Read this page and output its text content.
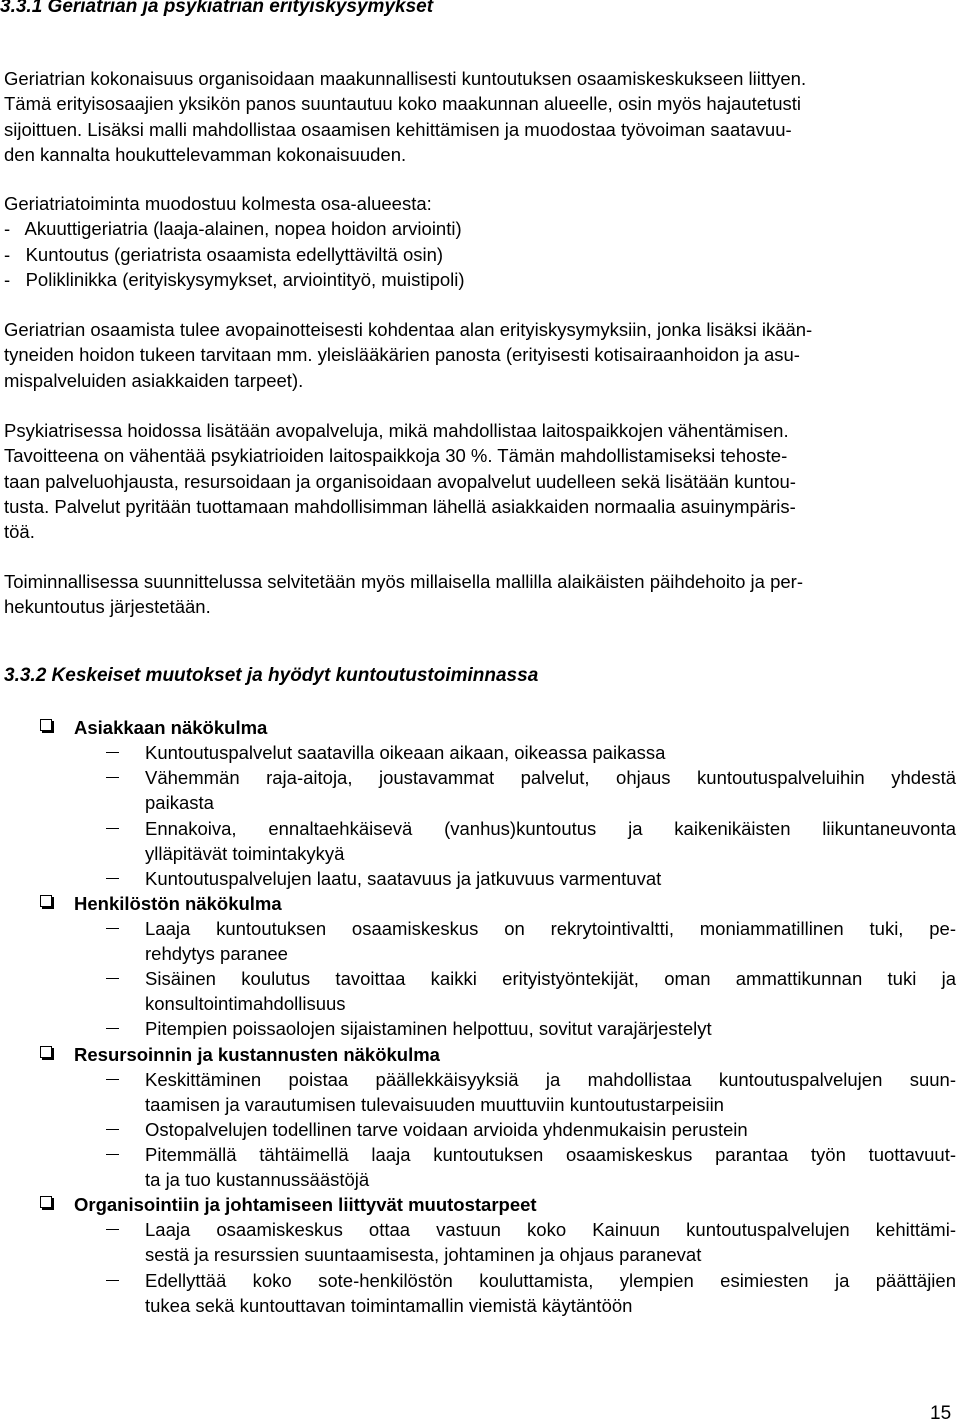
3.3.1 Geriatrian ja psykiatrian erityiskysymykset
Geriatrian kokonaisuus organisoidaan maakunnallisesti kuntoutuksen osaamiskeskukseen liittyen.
Tämä erityisosaajien yksikön panos suuntautuu koko maakunnan alueelle, osin myös hajautetusti
sijoittuen. Lisäksi malli mahdollistaa osaamisen kehittämisen ja muodostaa työvoiman saatavuu-
den kannalta houkuttelevamman kokonaisuuden.
Geriatriatoiminta muodostuu kolmesta osa-alueesta:
-   Akuuttigeriatria (laaja-alainen, nopea hoidon arviointi)
-   Kuntoutus (geriatrista osaamista edellyttäviltä osin)
-   Poliklinikka (erityiskysymykset, arviointityö, muistipoli)
Geriatrian osaamista tulee avopainotteisesti kohdentaa alan erityiskysymyksiin, jonka lisäksi ikään-
tyneiden hoidon tukeen tarvitaan mm. yleislääkärien panosta (erityisesti kotisairaanhoidon ja asu-
mispalveluiden asiakkaiden tarpeet).
Psykiatrisessa hoidossa lisätään avopalveluja, mikä mahdollistaa laitospaikkojen vähentämisen.
Tavoitteena on vähentää psykiatrioiden laitospaikkoja 30 %. Tämän mahdollistamiseksi tehoste-
taan palveluohjausta, resursoidaan ja organisoidaan avopalvelut uudelleen sekä lisätään kuntou-
tusta. Palvelut pyritään tuottamaan mahdollisimman lähellä asiakkaiden normaalia asuinympäris-
töä.
Toiminnallisessa suunnittelussa selvitetään myös millaisella mallilla alaikäisten päihdehoito ja per-
hekuntoutus järjestetään.
3.3.2 Keskeiset muutokset ja hyödyt kuntoutustoiminnassa
Asiakkaan näkökulma
Kuntoutuspalvelut saatavilla oikeaan aikaan, oikeassa paikassa
Vähemmän raja-aitoja, joustavammat palvelut, ohjaus kuntoutuspalveluihin yhdestä
paikasta
Ennakoiva, ennaltaehkäisevä (vanhus)kuntoutus ja kaikenikäisten liikuntaneuvonta
ylläpitävät toimintakykyä
Kuntoutuspalvelujen laatu, saatavuus ja jatkuvuus varmentuvat
Henkilöstön näkökulma
Laaja kuntoutuksen osaamiskeskus on rekrytointivaltti, moniammatillinen tuki, pe-
rehdytys paranee
Sisäinen koulutus tavoittaa kaikki erityistyöntekijät, oman ammattikunnan tuki ja
konsultointimahdollisuus
Pitempien poissaolojen sijaistaminen helpottuu, sovitut varajärjestelyt
Resursoinnin ja kustannusten näkökulma
Keskittäminen poistaa päällekkäisyyksiä ja mahdollistaa kuntoutuspalvelujen suun-
taamisen ja varautumisen tulevaisuuden muuttuviin kuntoutustarpeisiin
Ostopalvelujen todellinen tarve voidaan arvioida yhdenmukaisin perustein
Pitemmällä tähtäimellä laaja kuntoutuksen osaamiskeskus parantaa työn tuottavuut-
ta ja tuo kustannussäästöjä
Organisointiin ja johtamiseen liittyvät muutostarpeet
Laaja osaamiskeskus ottaa vastuun koko Kainuun kuntoutuspalvelujen kehittämi-
sestä ja resurssien suuntaamisesta, johtaminen ja ohjaus paranevat
Edellyttää koko sote-henkilöstön kouluttamista, ylempien esimiesten ja päättäjien
tukea sekä kuntouttavan toimintamallin viemistä käytäntöön
15
